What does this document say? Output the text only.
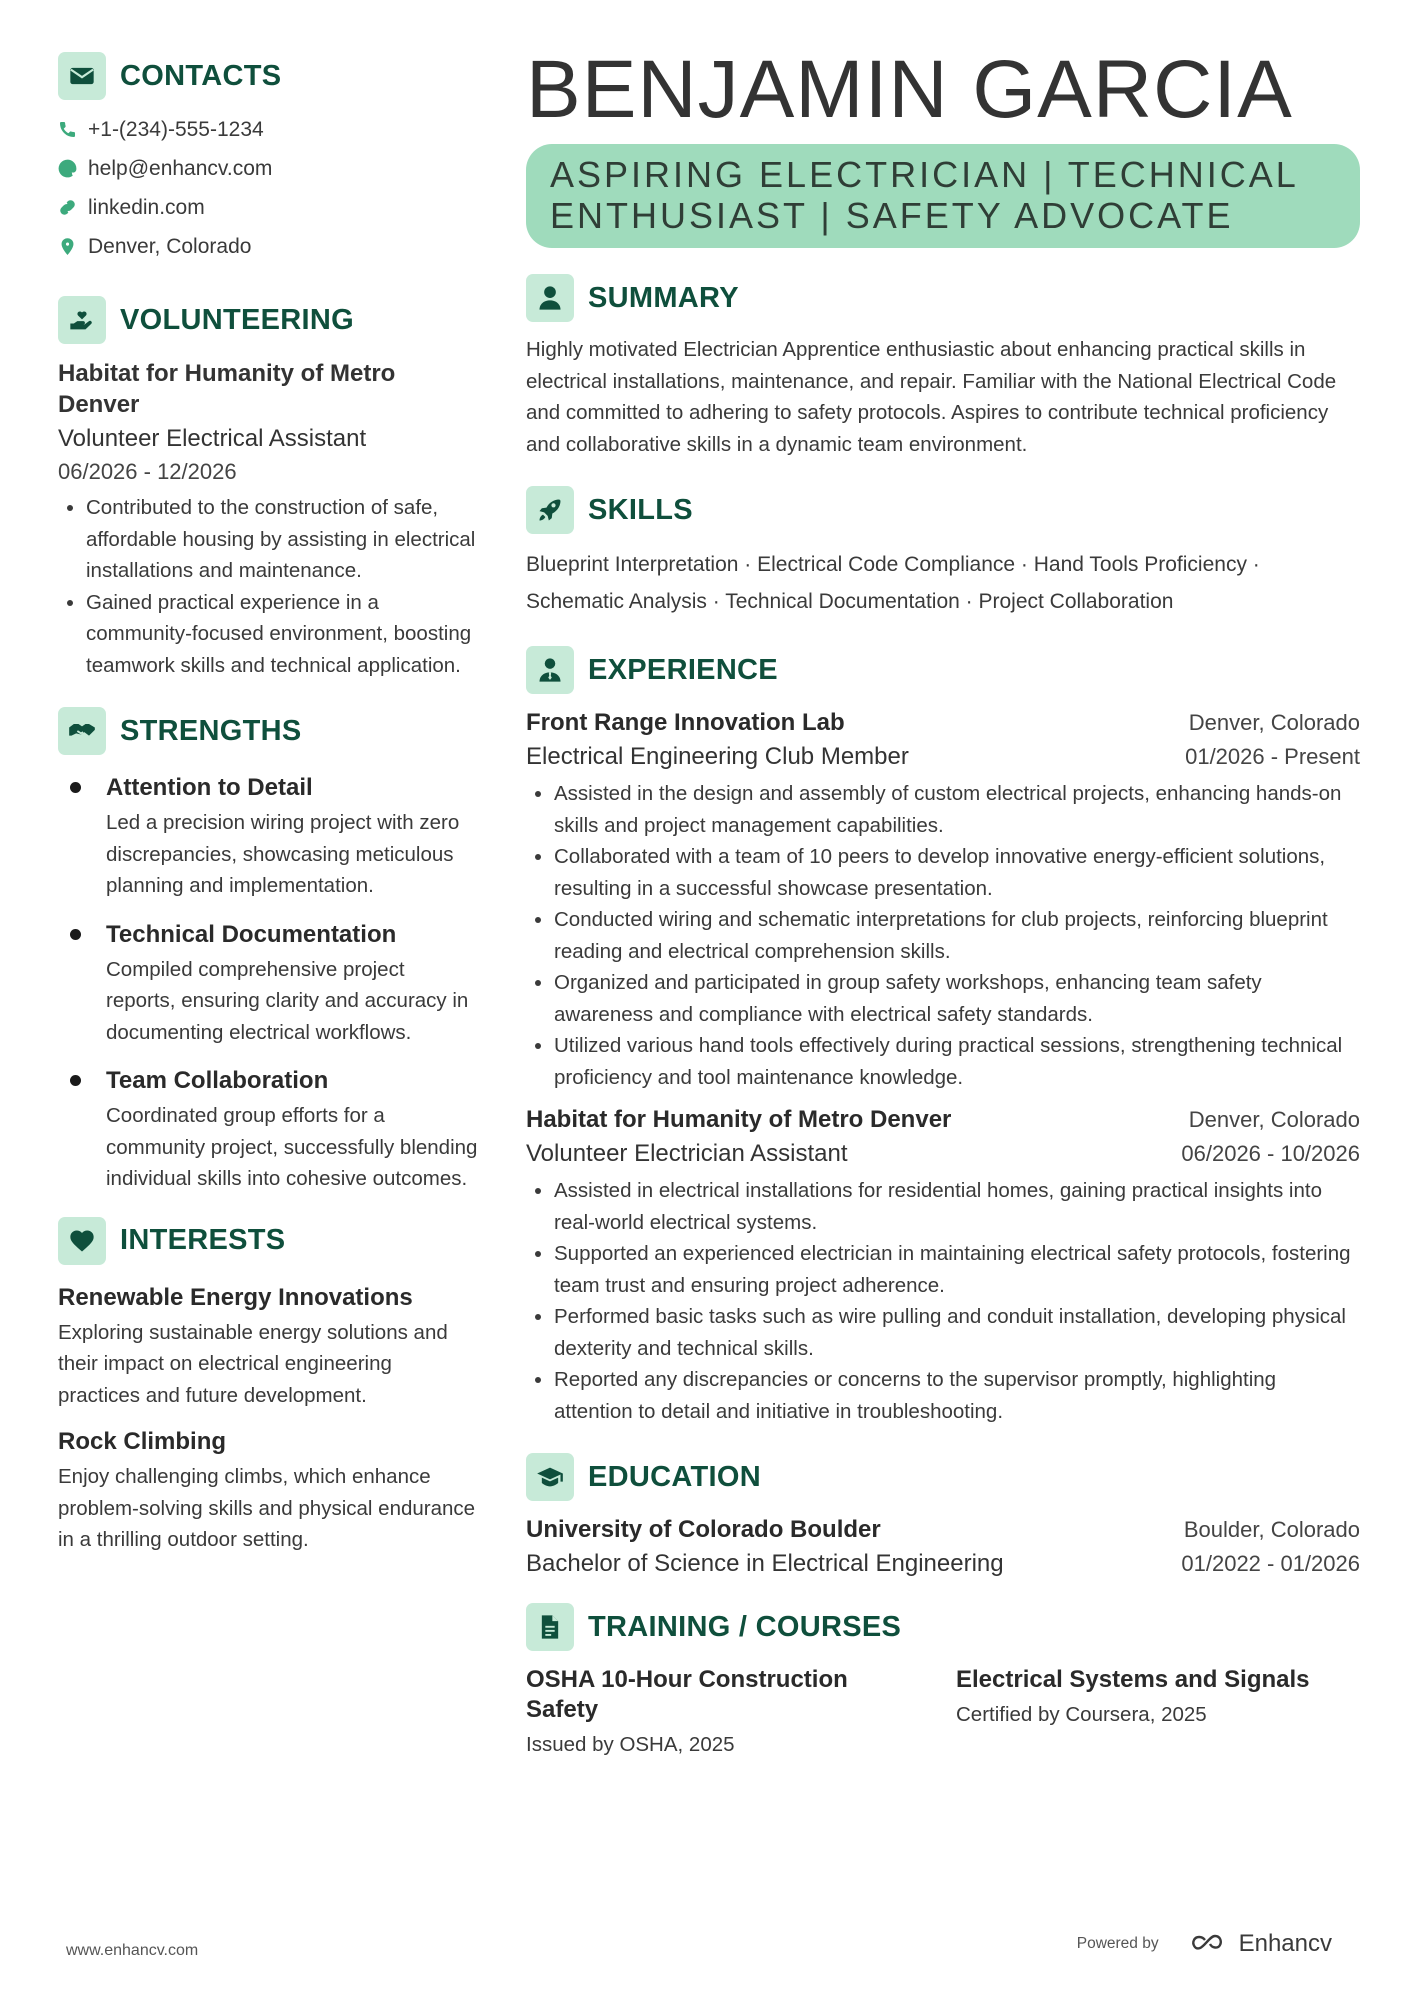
CONTACTS
+1-(234)-555-1234
help@enhancv.com
linkedin.com
Denver, Colorado
VOLUNTEERING
Habitat for Humanity of Metro Denver
Volunteer Electrical Assistant
06/2026 - 12/2026
• Contributed to the construction of safe, affordable housing by assisting in electrical installations and maintenance.
• Gained practical experience in a community-focused environment, boosting teamwork skills and technical application.
STRENGTHS
Attention to Detail
Led a precision wiring project with zero discrepancies, showcasing meticulous planning and implementation.
Technical Documentation
Compiled comprehensive project reports, ensuring clarity and accuracy in documenting electrical workflows.
Team Collaboration
Coordinated group efforts for a community project, successfully blending individual skills into cohesive outcomes.
INTERESTS
Renewable Energy Innovations
Exploring sustainable energy solutions and their impact on electrical engineering practices and future development.
Rock Climbing
Enjoy challenging climbs, which enhance problem-solving skills and physical endurance in a thrilling outdoor setting.
BENJAMIN GARCIA
ASPIRING ELECTRICIAN | TECHNICAL ENTHUSIAST | SAFETY ADVOCATE
SUMMARY
Highly motivated Electrician Apprentice enthusiastic about enhancing practical skills in electrical installations, maintenance, and repair. Familiar with the National Electrical Code and committed to adhering to safety protocols. Aspires to contribute technical proficiency and collaborative skills in a dynamic team environment.
SKILLS
Blueprint Interpretation · Electrical Code Compliance · Hand Tools Proficiency ·
Schematic Analysis · Technical Documentation · Project Collaboration
EXPERIENCE
Front Range Innovation Lab	Denver, Colorado
Electrical Engineering Club Member	01/2026 - Present
• Assisted in the design and assembly of custom electrical projects, enhancing hands-on skills and project management capabilities.
• Collaborated with a team of 10 peers to develop innovative energy-efficient solutions, resulting in a successful showcase presentation.
• Conducted wiring and schematic interpretations for club projects, reinforcing blueprint reading and electrical comprehension skills.
• Organized and participated in group safety workshops, enhancing team safety awareness and compliance with electrical safety standards.
• Utilized various hand tools effectively during practical sessions, strengthening technical proficiency and tool maintenance knowledge.
Habitat for Humanity of Metro Denver	Denver, Colorado
Volunteer Electrician Assistant	06/2026 - 10/2026
• Assisted in electrical installations for residential homes, gaining practical insights into real-world electrical systems.
• Supported an experienced electrician in maintaining electrical safety protocols, fostering team trust and ensuring project adherence.
• Performed basic tasks such as wire pulling and conduit installation, developing physical dexterity and technical skills.
• Reported any discrepancies or concerns to the supervisor promptly, highlighting attention to detail and initiative in troubleshooting.
EDUCATION
University of Colorado Boulder	Boulder, Colorado
Bachelor of Science in Electrical Engineering	01/2022 - 01/2026
TRAINING / COURSES
OSHA 10-Hour Construction Safety
Issued by OSHA, 2025
Electrical Systems and Signals
Certified by Coursera, 2025
www.enhancv.com	Powered by	Enhancv
